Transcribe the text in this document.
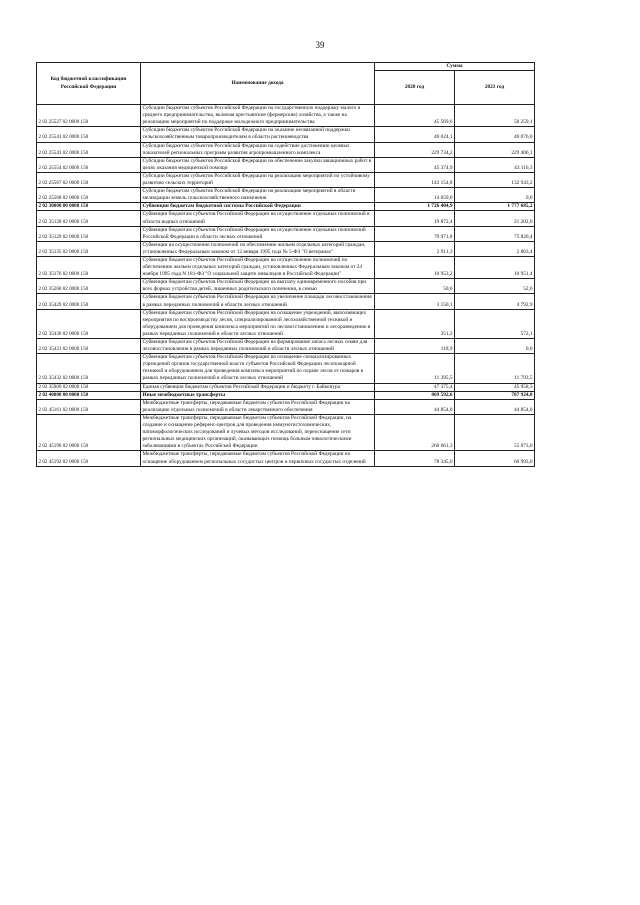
39
Код бюджетной классификации Российской Федерации	Наименование дохода	Сумма	
		2020 год	2021 год
2 02 25527 02 0000 150	Субсидии бюджетам субъектов Российской Федерации на государственную поддержку малого и среднего предпринимательства, включая крестьянские (фермерские) хозяйства, а также на реализацию мероприятий по поддержке молодежного предпринимательства	45 569,6	50 259,1
2 02 25541 02 0000 150	Субсидии бюджетам субъектов Российской Федерации на оказание несвязанной поддержки сельскохозяйственным товаропроизводителям в области растениеводства	40 024,1	40 076,0
2 02 25543 02 0000 150	Субсидии бюджетам субъектов Российской Федерации на содействие достижению целевых показателей региональных программ развития агропромышленного комплекса	229 734,2	229 406,1
2 02 25554 02 0000 150	Субсидии бюджетам субъектов Российской Федерации на обеспечение закупки авиационных работ в целях оказания медицинской помощи	45 374,9	43 116,3
2 02 25567 02 0000 150	Субсидии бюджетам субъектов Российской Федерации на реализацию мероприятий по устойчивому развитию сельских территорий	143 154,8	132 943,2
2 02 25568 02 0000 150	Субсидии бюджетам субъектов Российской Федерации на реализацию мероприятий в области мелиорации земель сельскохозяйственного назначения	14 059,0	0,0
2 02 30000 00 0000 150	Субвенции бюджетам бюджетной системы Российской Федерации	1 726 404,9	1 777 685,2
2 02 35128 02 0000 150	Субвенции бюджетам субъектов Российской Федерации на осуществление отдельных полномочий в области водных отношений	19 872,4	21 202,0
2 02 35129 02 0000 150	Субвенции бюджетам субъектов Российской Федерации на осуществление отдельных полномочий Российской Федерации в области лесных отношений	79 971,8	75 820,4
2 02 35135 02 0000 150	Субвенции на осуществление полномочий по обеспечению жильем отдельных категорий граждан, установленных Федеральным законом от 12 января 1995 года № 5-ФЗ "О ветеранах"	2 911,3	2 863,4
2 02 35176 02 0000 150	Субвенции бюджетам субъектов Российской Федерации на осуществление полномочий по обеспечению жильем отдельных категорий граждан, установленных Федеральным законом от 24 ноября 1995 года N 181-ФЗ "О социальной защите инвалидов в Российской Федерации"	10 953,2	10 951,4
2 02 35260 02 0000 150	Субвенции бюджетам субъектов Российской Федерации на выплату единовременного пособия при всех формах устройства детей, лишенных родительского попечения, в семью	50,6	52,6
2 02 35429 02 0000 150	Субвенции бюджетам субъектов Российской Федерации на увеличение площади лесовосстановления в рамках переданных полномочий в области лесных отношений	3 150,1	4 792,9
2 02 35430 02 0000 150	Субвенции бюджетам субъектов Российской Федерации на оснащение учреждений, выполняющих мероприятия по воспроизводству лесов, специализированной лесохозяйственной техникой и оборудованием для проведения комплекса мероприятий по лесовосстановлению и лесоразведению в рамках переданных полномочий в области лесных отношений	351,2	572,1
2 02 35431 02 0000 150	Субвенции бюджетам субъектов Российской Федерации на формирование запаса лесных семян для лесовосстановления в рамках переданных полномочий в области лесных отношений	118,9	0,0
2 02 35432 02 0000 150	Субвенции бюджетам субъектов Российской Федерации на оснащение специализированных учреждений органов государственной власти субъектов Российской Федерации лесопожарной техникой и оборудованием для проведения комплекса мероприятий по охране лесов от пожаров в рамках переданных полномочий в области лесных отношений	11 395,5	11 793,5
2 02 35900 02 0000 150	Единая субвенция бюджетам субъектов Российской Федерации и бюджету г. Байконура	47 375,4	45 958,3
2 02 40000 00 0000 150	Иные межбюджетные трансферты	869 592,6	787 924,8
2 02 45161 02 0000 150	Межбюджетные трансферты, передаваемые бюджетам субъектов Российской Федерации на реализацию отдельных полномочий в области лекарственного обеспечения	44 854,0	44 854,0
2 02 45190 02 0000 150	Межбюджетные трансферты, передаваемые бюджетам субъектов Российской Федерации, на создание и оснащение референс-центров для проведения иммуногистохимических, патоморфологических исследований и лучевых методов исследований, переоснащение сети региональных медицинских организаций, оказывающих помощь больным онкологическими заболеваниями в субъектах Российской Федерации	260 661,3	55 073,0
2 02 45192 02 0000 150	Межбюджетные трансферты, передаваемые бюджетам субъектов Российской Федерации на оснащение оборудованием региональных сосудистых центров и первичных сосудистых отделений	78 345,0	60 993,0
